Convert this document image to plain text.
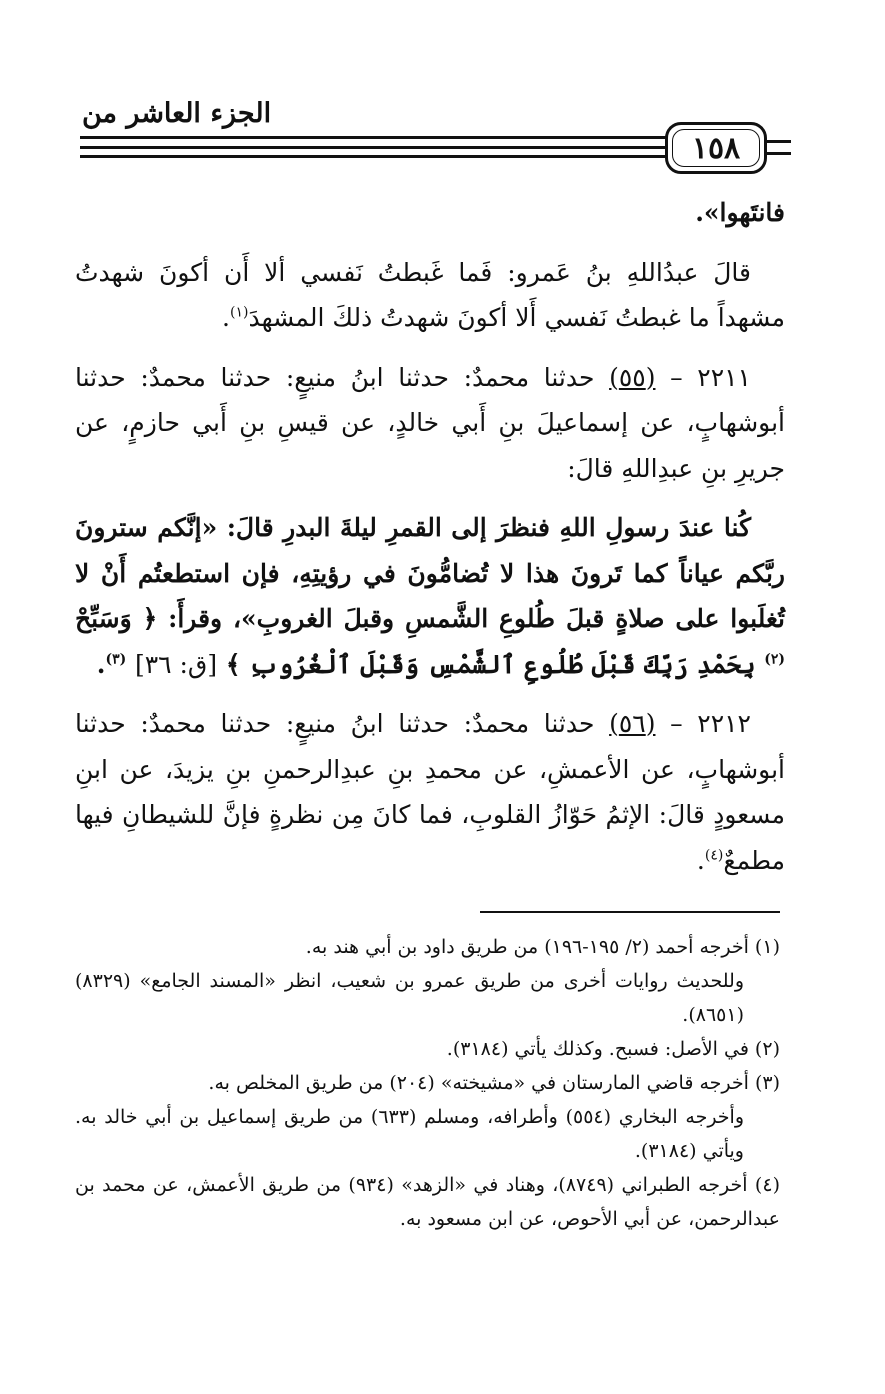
الجزء العاشر من
١٥٨

فانتَهوا».

قالَ عبدُاللهِ بنُ عَمرو: فَما غَبطتُ نَفسي ألا أَن أكونَ شهدتُ مشهداً ما غبطتُ نَفسي أَلا أكونَ شهدتُ ذلكَ المشهدَ$^{(١)}$.

٢٢١١ – (٥٥) حدثنا محمدٌ: حدثنا ابنُ منيعٍ: حدثنا محمدٌ: حدثنا أبوشهابٍ، عن إسماعيلَ بنِ أَبي خالدٍ، عن قيسِ بنِ أَبي حازمٍ، عن جريرِ بنِ عبدِاللهِ قالَ:

كُنا عندَ رسولِ اللهِ فنظرَ إلى القمرِ ليلةَ البدرِ قالَ: «إنَّكم سترونَ ربَّكم عياناً كما تَرونَ هذا لا تُضامُّونَ في رؤيتِهِ، فإن استطعتُم أَنْ لا تُغلَبوا على صلاةٍ قبلَ طُلوعِ الشَّمسِ وقبلَ الغروبِ»، وقرأَ: ﴿ وَسَبِّحْ $^{(٢)}$ بِحَمْدِ رَبِّكَ قَبْلَ طُلُوعِ ٱلشَّمْسِ وَقَبْلَ ٱلْغُرُوبِ ﴾ [ق: ٣٦] $^{(٣)}$.

٢٢١٢ – (٥٦) حدثنا محمدٌ: حدثنا ابنُ منيعٍ: حدثنا محمدٌ: حدثنا أبوشهابٍ، عن الأعمشِ، عن محمدِ بنِ عبدِالرحمنِ بنِ يزيدَ، عن ابنِ مسعودٍ قالَ: الإثمُ حَوّازُ القلوبِ، فما كانَ مِن نظرةٍ فإنَّ للشيطانِ فيها مطمعٌ$^{(٤)}$.

(١) أخرجه أحمد (٢/ ١٩٥-١٩٦) من طريق داود بن أبي هند به.

وللحديث روايات أخرى من طريق عمرو بن شعيب، انظر «المسند الجامع» (٨٣٢٩) (٨٦٥١).

(٢) في الأصل: فسبح. وكذلك يأتي (٣١٨٤).

(٣) أخرجه قاضي المارستان في «مشيخته» (٢٠٤) من طريق المخلص به.

وأخرجه البخاري (٥٥٤) وأطرافه، ومسلم (٦٣٣) من طريق إسماعيل بن أبي خالد به. ويأتي (٣١٨٤).

(٤) أخرجه الطبراني (٨٧٤٩)، وهناد في «الزهد» (٩٣٤) من طريق الأعمش، عن محمد بن عبدالرحمن، عن أبي الأحوص، عن ابن مسعود به.
